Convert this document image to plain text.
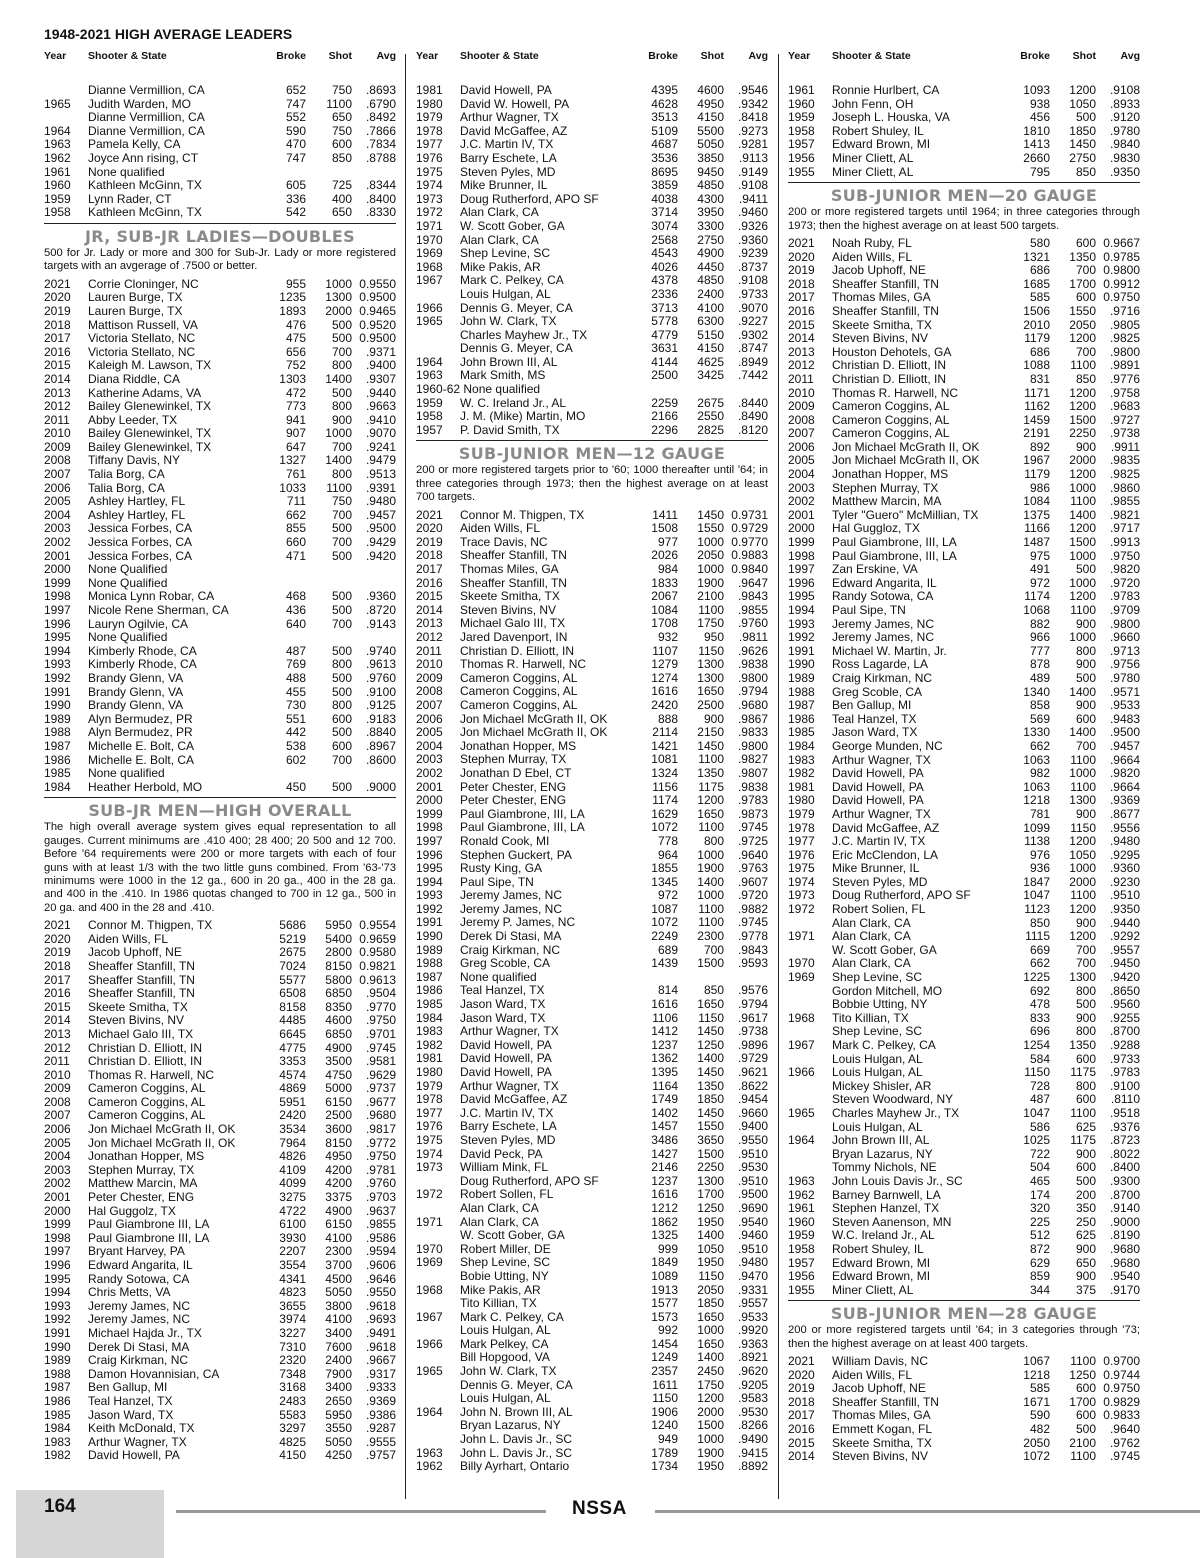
1948-2021 HIGH AVERAGE LEADERS
Year	Shooter & State	Broke	Shot	Avg
Dianne Vermillion, CA	652	750	.8693
1965	Judith Warden, MO	747	1100	.6790
Dianne Vermillion, CA	552	650	.8492
1964	Dianne Vermillion, CA	590	750	.7866
1963	Pamela Kelly, CA	470	600	.7834
1962	Joyce Ann rising, CT	747	850	.8788
1961	None qualified
1960	Kathleen McGinn, TX	605	725	.8344
1959	Lynn Rader, CT	336	400	.8400
1958	Kathleen McGinn, TX	542	650	.8330
JR, SUB-JR LADIES—DOUBLES
500 for Jr. Lady or more and 300 for Sub-Jr. Lady or more registered targets with an avgerage of .7500 or better.
2021	Corrie Cloninger, NC	955	1000 0.9550
2020	Lauren Burge, TX	1235	1300 0.9500
2019	Lauren Burge, TX	1893	2000 0.9465
2018	Mattison Russell, VA	476	500 0.9520
2017	Victoria Stellato, NC	475	500 0.9500
2016	Victoria Stellato, NC	656	700	.9371
2015	Kaleigh M. Lawson, TX	752	800	.9400
2014	Diana Riddle, CA	1303	1400	.9307
2013	Katherine Adams, VA	472	500	.9440
2012	Bailey Glenewinkel, TX	773	800	.9663
2011	Abby Leeder, TX	941	900	.9410
2010	Bailey Glenewinkel, TX	907	1000	.9070
2009	Bailey Glenewinkel, TX	647	700	.9241
2008	Tiffany Davis, NY	1327	1400	.9479
2007	Talia Borg, CA	761	800	.9513
2006	Talia Borg, CA	1033	1100	.9391
2005	Ashley Hartley, FL	711	750	.9480
2004	Ashley Hartley, FL	662	700	.9457
2003	Jessica Forbes, CA	855	500	.9500
2002	Jessica Forbes, CA	660	700	.9429
2001	Jessica Forbes, CA	471	500	.9420
2000	None Qualified
1999	None Qualified
1998	Monica Lynn Robar, CA	468	500	.9360
1997	Nicole Rene Sherman, CA	436	500	.8720
1996	Lauryn Ogilvie, CA	640	700	.9143
1995	None Qualified
1994	Kimberly Rhode, CA	487	500	.9740
1993	Kimberly Rhode, CA	769	800	.9613
1992	Brandy Glenn, VA	488	500	.9760
1991	Brandy Glenn, VA	455	500	.9100
1990	Brandy Glenn, VA	730	800	.9125
1989	Alyn Bermudez, PR	551	600	.9183
1988	Alyn Bermudez, PR	442	500	.8840
1987	Michelle E. Bolt, CA	538	600	.8967
1986	Michelle E. Bolt, CA	602	700	.8600
1985	None qualified
1984	Heather Herbold, MO	450	500	.9000
SUB-JR MEN—HIGH OVERALL
The high overall average system gives equal representation to all gauges. Current minimums are .410 400; 28 400; 20 500 and 12 700. Before '64 requirements were 200 or more targets with each of four guns with at least 1/3 with the two little guns combined. From '63-'73 minimums were 1000 in the 12 ga., 600 in 20 ga., 400 in the 28 ga. and 400 in the .410. In 1986 quotas changed to 700 in 12 ga., 500 in 20 ga. and 400 in the 28 and .410.
2021	Connor M. Thigpen, TX	5686	5950 0.9554
2020	Aiden Wills, FL	5219	5400 0.9659
2019	Jacob Uphoff, NE	2675	2800 0.9580
2018	Sheaffer Stanfill, TN	7024	8150 0.9821
2017	Sheaffer Stanfill, TN	5577	5800 0.9613
2016	Sheaffer Stanfill, TN	6508	6850	.9504
2015	Skeete Smitha, TX	8158	8350	.9770
2014	Steven Bivins, NV	4485	4600	.9750
2013	Michael Galo III, TX	6645	6850	.9701
2012	Christian D. Elliott, IN	4775	4900	.9745
2011	Christian D. Elliott, IN	3353	3500	.9581
2010	Thomas R. Harwell, NC	4574	4750	.9629
2009	Cameron Coggins, AL	4869	5000	.9737
2008	Cameron Coggins, AL	5951	6150	.9677
2007	Cameron Coggins, AL	2420	2500	.9680
2006	Jon Michael McGrath II, OK	3534	3600	.9817
2005	Jon Michael McGrath II, OK	7964	8150	.9772
2004	Jonathan Hopper, MS	4826	4950	.9750
2003	Stephen Murray, TX	4109	4200	.9781
2002	Matthew Marcin, MA	4099	4200	.9760
2001	Peter Chester, ENG	3275	3375	.9703
2000	Hal Guggolz, TX	4722	4900	.9637
1999	Paul Giambrone III, LA	6100	6150	.9855
1998	Paul Giambrone III, LA	3930	4100	.9586
1997	Bryant Harvey, PA	2207	2300	.9594
1996	Edward Angarita, IL	3554	3700	.9606
1995	Randy Sotowa, CA	4341	4500	.9646
1994	Chris Metts, VA	4823	5050	.9550
1993	Jeremy James, NC	3655	3800	.9618
1992	Jeremy James, NC	3974	4100	.9693
1991	Michael Hajda Jr., TX	3227	3400	.9491
1990	Derek Di Stasi, MA	7310	7600	.9618
1989	Craig Kirkman, NC	2320	2400	.9667
1988	Damon Hovannisian, CA	7348	7900	.9317
1987	Ben Gallup, MI	3168	3400	.9333
1986	Teal Hanzel, TX	2483	2650	.9369
1985	Jason Ward, TX	5583	5950	.9386
1984	Keith McDonald, TX	3297	3550	.9287
1983	Arthur Wagner, TX	4825	5050	.9555
1982	David Howell, PA	4150	4250	.9757
Year	Shooter & State	Broke	Shot	Avg
1981	David Howell, PA	4395	4600	.9546
1980	David W. Howell, PA	4628	4950	.9342
1979	Arthur Wagner, TX	3513	4150	.8418
1978	David McGaffee, AZ	5109	5500	.9273
1977	J.C. Martin IV, TX	4687	5050	.9281
1976	Barry Eschete, LA	3536	3850	.9113
1975	Steven Pyles, MD	8695	9450	.9149
1974	Mike Brunner, IL	3859	4850	.9108
1973	Doug Rutherford, APO SF	4038	4300	.9411
1972	Alan Clark, CA	3714	3950	.9460
1971	W. Scott Gober, GA	3074	3300	.9326
1970	Alan Clark, CA	2568	2750	.9360
1969	Shep Levine, SC	4543	4900	.9239
1968	Mike Pakis, AR	4026	4450	.8737
1967	Mark C. Pelkey, CA	4378	4850	.9108
Louis Hulgan, AL	2336	2400	.9733
1966	Dennis G. Meyer, CA	3713	4100	.9070
1965	John W. Clark, TX	5778	6300	.9227
Charles Mayhew Jr., TX	4779	5150	.9302
Dennis G. Meyer, CA	3631	4150	.8747
1964	John Brown III, AL	4144	4625	.8949
1963	Mark Smith, MS	2500	3425	.7442
1960-62 None qualified
1959	W. C. Ireland Jr., AL	2259	2675	.8440
1958	J. M. (Mike) Martin, MO	2166	2550	.8490
1957	P. David Smith, TX	2296	2825	.8120
SUB-JUNIOR MEN—12 GAUGE
200 or more registered targets prior to '60; 1000 thereafter until '64; in three categories through 1973; then the highest average on at least 700 targets.
2021	Connor M. Thigpen, TX	1411	1450 0.9731
2020	Aiden Wills, FL	1508	1550 0.9729
2019	Trace Davis, NC	977	1000 0.9770
2018	Sheaffer Stanfill, TN	2026	2050 0.9883
2017	Thomas Miles, GA	984	1000 0.9840
2016	Sheaffer Stanfill, TN	1833	1900	.9647
2015	Skeete Smitha, TX	2067	2100	.9843
2014	Steven Bivins, NV	1084	1100	.9855
2013	Michael Galo III, TX	1708	1750	.9760
2012	Jared Davenport, IN	932	950	.9811
2011	Christian D. Elliott, IN	1107	1150	.9626
2010	Thomas R. Harwell, NC	1279	1300	.9838
2009	Cameron Coggins, AL	1274	1300	.9800
2008	Cameron Coggins, AL	1616	1650	.9794
2007	Cameron Coggins, AL	2420	2500	.9680
2006	Jon Michael McGrath II, OK	888	900	.9867
2005	Jon Michael McGrath II, OK	2114	2150	.9833
2004	Jonathan Hopper, MS	1421	1450	.9800
2003	Stephen Murray, TX	1081	1100	.9827
2002	Jonathan D Ebel, CT	1324	1350	.9807
2001	Peter Chester, ENG	1156	1175	.9838
2000	Peter Chester, ENG	1174	1200	.9783
1999	Paul Giambrone, III, LA	1629	1650	.9873
1998	Paul Giambrone, III, LA	1072	1100	.9745
1997	Ronald Cook, MI	778	800	.9725
1996	Stephen Guckert, PA	964	1000	.9640
1995	Rusty King, GA	1855	1900	.9763
1994	Paul Sipe, TN	1345	1400	.9607
1993	Jeremy James, NC	972	1000	.9720
1992	Jeremy James, NC	1087	1100	.9882
1991	Jeremy P. James, NC	1072	1100	.9745
1990	Derek Di Stasi, MA	2249	2300	.9778
1989	Craig Kirkman, NC	689	700	.9843
1988	Greg Scoble, CA	1439	1500	.9593
1987	None qualified
1986	Teal Hanzel, TX	814	850	.9576
1985	Jason Ward, TX	1616	1650	.9794
1984	Jason Ward, TX	1106	1150	.9617
1983	Arthur Wagner, TX	1412	1450	.9738
1982	David Howell, PA	1237	1250	.9896
1981	David Howell, PA	1362	1400	.9729
1980	David Howell, PA	1395	1450	.9621
1979	Arthur Wagner, TX	1164	1350	.8622
1978	David McGaffee, AZ	1749	1850	.9454
1977	J.C. Martin IV, TX	1402	1450	.9660
1976	Barry Eschete, LA	1457	1550	.9400
1975	Steven Pyles, MD	3486	3650	.9550
1974	David Peck, PA	1427	1500	.9510
1973	William Mink, FL	2146	2250	.9530
Doug Rutherford, APO SF	1237	1300	.9510
1972	Robert Sollen, FL	1616	1700	.9500
Alan Clark, CA	1212	1250	.9690
1971	Alan Clark, CA	1862	1950	.9540
W. Scott Gober, GA	1325	1400	.9460
1970	Robert Miller, DE	999	1050	.9510
1969	Shep Levine, SC	1849	1950	.9480
Bobie Utting, NY	1089	1150	.9470
1968	Mike Pakis, AR	1913	2050	.9331
Tito Killian, TX	1577	1850	.9557
1967	Mark C. Pelkey, CA	1573	1650	.9533
Louis Hulgan, AL	992	1000	.9920
1966	Mark Pelkey, CA	1454	1650	.9363
Bill Hopgood, VA	1249	1400	.8921
1965	John W. Clark, TX	2357	2450	.9620
Dennis G. Meyer, CA	1611	1750	.9205
Louis Hulgan, AL	1150	1200	.9583
1964	John N. Brown III, AL	1906	2000	.9530
Bryan Lazarus, NY	1240	1500	.8266
John L. Davis Jr., SC	949	1000	.9490
1963	John L. Davis Jr., SC	1789	1900	.9415
1962	Billy Ayrhart, Ontario	1734	1950	.8892
Year	Shooter & State	Broke	Shot	Avg
1961	Ronnie Hurlbert, CA	1093	1200	.9108
1960	John Fenn, OH	938	1050	.8933
1959	Joseph L. Houska, VA	456	500	.9120
1958	Robert Shuley, IL	1810	1850	.9780
1957	Edward Brown, MI	1413	1450	.9840
1956	Miner Cliett, AL	2660	2750	.9830
1955	Miner Cliett, AL	795	850	.9350
SUB-JUNIOR MEN—20 GAUGE
200 or more registered targets until 1964; in three categories through 1973; then the highest average on at least 500 targets.
2021	Noah Ruby, FL	580	600 0.9667
2020	Aiden Wills, FL	1321	1350 0.9785
2019	Jacob Uphoff, NE	686	700 0.9800
2018	Sheaffer Stanfill, TN	1685	1700 0.9912
2017	Thomas Miles, GA	585	600 0.9750
2016	Sheaffer Stanfill, TN	1506	1550	.9716
2015	Skeete Smitha, TX	2010	2050	.9805
2014	Steven Bivins, NV	1179	1200	.9825
2013	Houston Dehotels, GA	686	700	.9800
2012	Christian D. Elliott, IN	1088	1100	.9891
2011	Christian D. Elliott, IN	831	850	.9776
2010	Thomas R. Harwell, NC	1171	1200	.9758
2009	Cameron Coggins, AL	1162	1200	.9683
2008	Cameron Coggins, AL	1459	1500	.9727
2007	Cameron Coggins, AL	2191	2250	.9738
2006	Jon Michael McGrath II, OK	892	900	.9911
2005	Jon Michael McGrath II, OK	1967	2000	.9835
2004	Jonathan Hopper, MS	1179	1200	.9825
2003	Stephen Murray, TX	986	1000	.9860
2002	Matthew Marcin, MA	1084	1100	.9855
2001	Tyler "Guero" McMillian, TX	1375	1400	.9821
2000	Hal Guggloz, TX	1166	1200	.9717
1999	Paul Giambrone, III, LA	1487	1500	.9913
1998	Paul Giambrone, III, LA	975	1000	.9750
1997	Zan Erskine, VA	491	500	.9820
1996	Edward Angarita, IL	972	1000	.9720
1995	Randy Sotowa, CA	1174	1200	.9783
1994	Paul Sipe, TN	1068	1100	.9709
1993	Jeremy James, NC	882	900	.9800
1992	Jeremy James, NC	966	1000	.9660
1991	Michael W. Martin, Jr.	777	800	.9713
1990	Ross Lagarde, LA	878	900	.9756
1989	Craig Kirkman, NC	489	500	.9780
1988	Greg Scoble, CA	1340	1400	.9571
1987	Ben Gallup, MI	858	900	.9533
1986	Teal Hanzel, TX	569	600	.9483
1985	Jason Ward, TX	1330	1400	.9500
1984	George Munden, NC	662	700	.9457
1983	Arthur Wagner, TX	1063	1100	.9664
1982	David Howell, PA	982	1000	.9820
1981	David Howell, PA	1063	1100	.9664
1980	David Howell, PA	1218	1300	.9369
1979	Arthur Wagner, TX	781	900	.8677
1978	David McGaffee, AZ	1099	1150	.9556
1977	J.C. Martin IV, TX	1138	1200	.9480
1976	Eric McClendon, LA	976	1050	.9295
1975	Mike Brunner, IL	936	1000	.9360
1974	Steven Pyles, MD	1847	2000	.9230
1973	Doug Rutherford, APO SF	1047	1100	.9510
1972	Robert Solien, FL	1123	1200	.9350
Alan Clark, CA	850	900	.9440
1971	Alan Clark, CA	1115	1200	.9292
W. Scott Gober, GA	669	700	.9557
1970	Alan Clark, CA	662	700	.9450
1969	Shep Levine, SC	1225	1300	.9420
Gordon Mitchell, MO	692	800	.8650
Bobbie Utting, NY	478	500	.9560
1968	Tito Killian, TX	833	900	.9255
Shep Levine, SC	696	800	.8700
1967	Mark C. Pelkey, CA	1254	1350	.9288
Louis Hulgan, AL	584	600	.9733
1966	Louis Hulgan, AL	1150	1175	.9783
Mickey Shisler, AR	728	800	.9100
Steven Woodward, NY	487	600	.8110
1965	Charles Mayhew Jr., TX	1047	1100	.9518
Louis Hulgan, AL	586	625	.9376
1964	John Brown III, AL	1025	1175	.8723
Bryan Lazarus, NY	722	900	.8022
Tommy Nichols, NE	504	600	.8400
1963	John Louis Davis Jr., SC	465	500	.9300
1962	Barney Barnwell, LA	174	200	.8700
1961	Stephen Hanzel, TX	320	350	.9140
1960	Steven Aanenson, MN	225	250	.9000
1959	W.C. Ireland Jr., AL	512	625	.8190
1958	Robert Shuley, IL	872	900	.9680
1957	Edward Brown, MI	629	650	.9680
1956	Edward Brown, MI	859	900	.9540
1955	Miner Cliett, AL	344	375	.9170
SUB-JUNIOR MEN—28 GAUGE
200 or more registered targets until '64; in 3 categories through '73; then the highest average on at least 400 targets.
2021	William Davis, NC	1067	1100 0.9700
2020	Aiden Wills, FL	1218	1250 0.9744
2019	Jacob Uphoff, NE	585	600 0.9750
2018	Sheaffer Stanfill, TN	1671	1700 0.9829
2017	Thomas Miles, GA	590	600 0.9833
2016	Emmett Kogan, FL	482	500	.9640
2015	Skeete Smitha, TX	2050	2100	.9762
2014	Steven Bivins, NV	1072	1100	.9745
164	NSSA
